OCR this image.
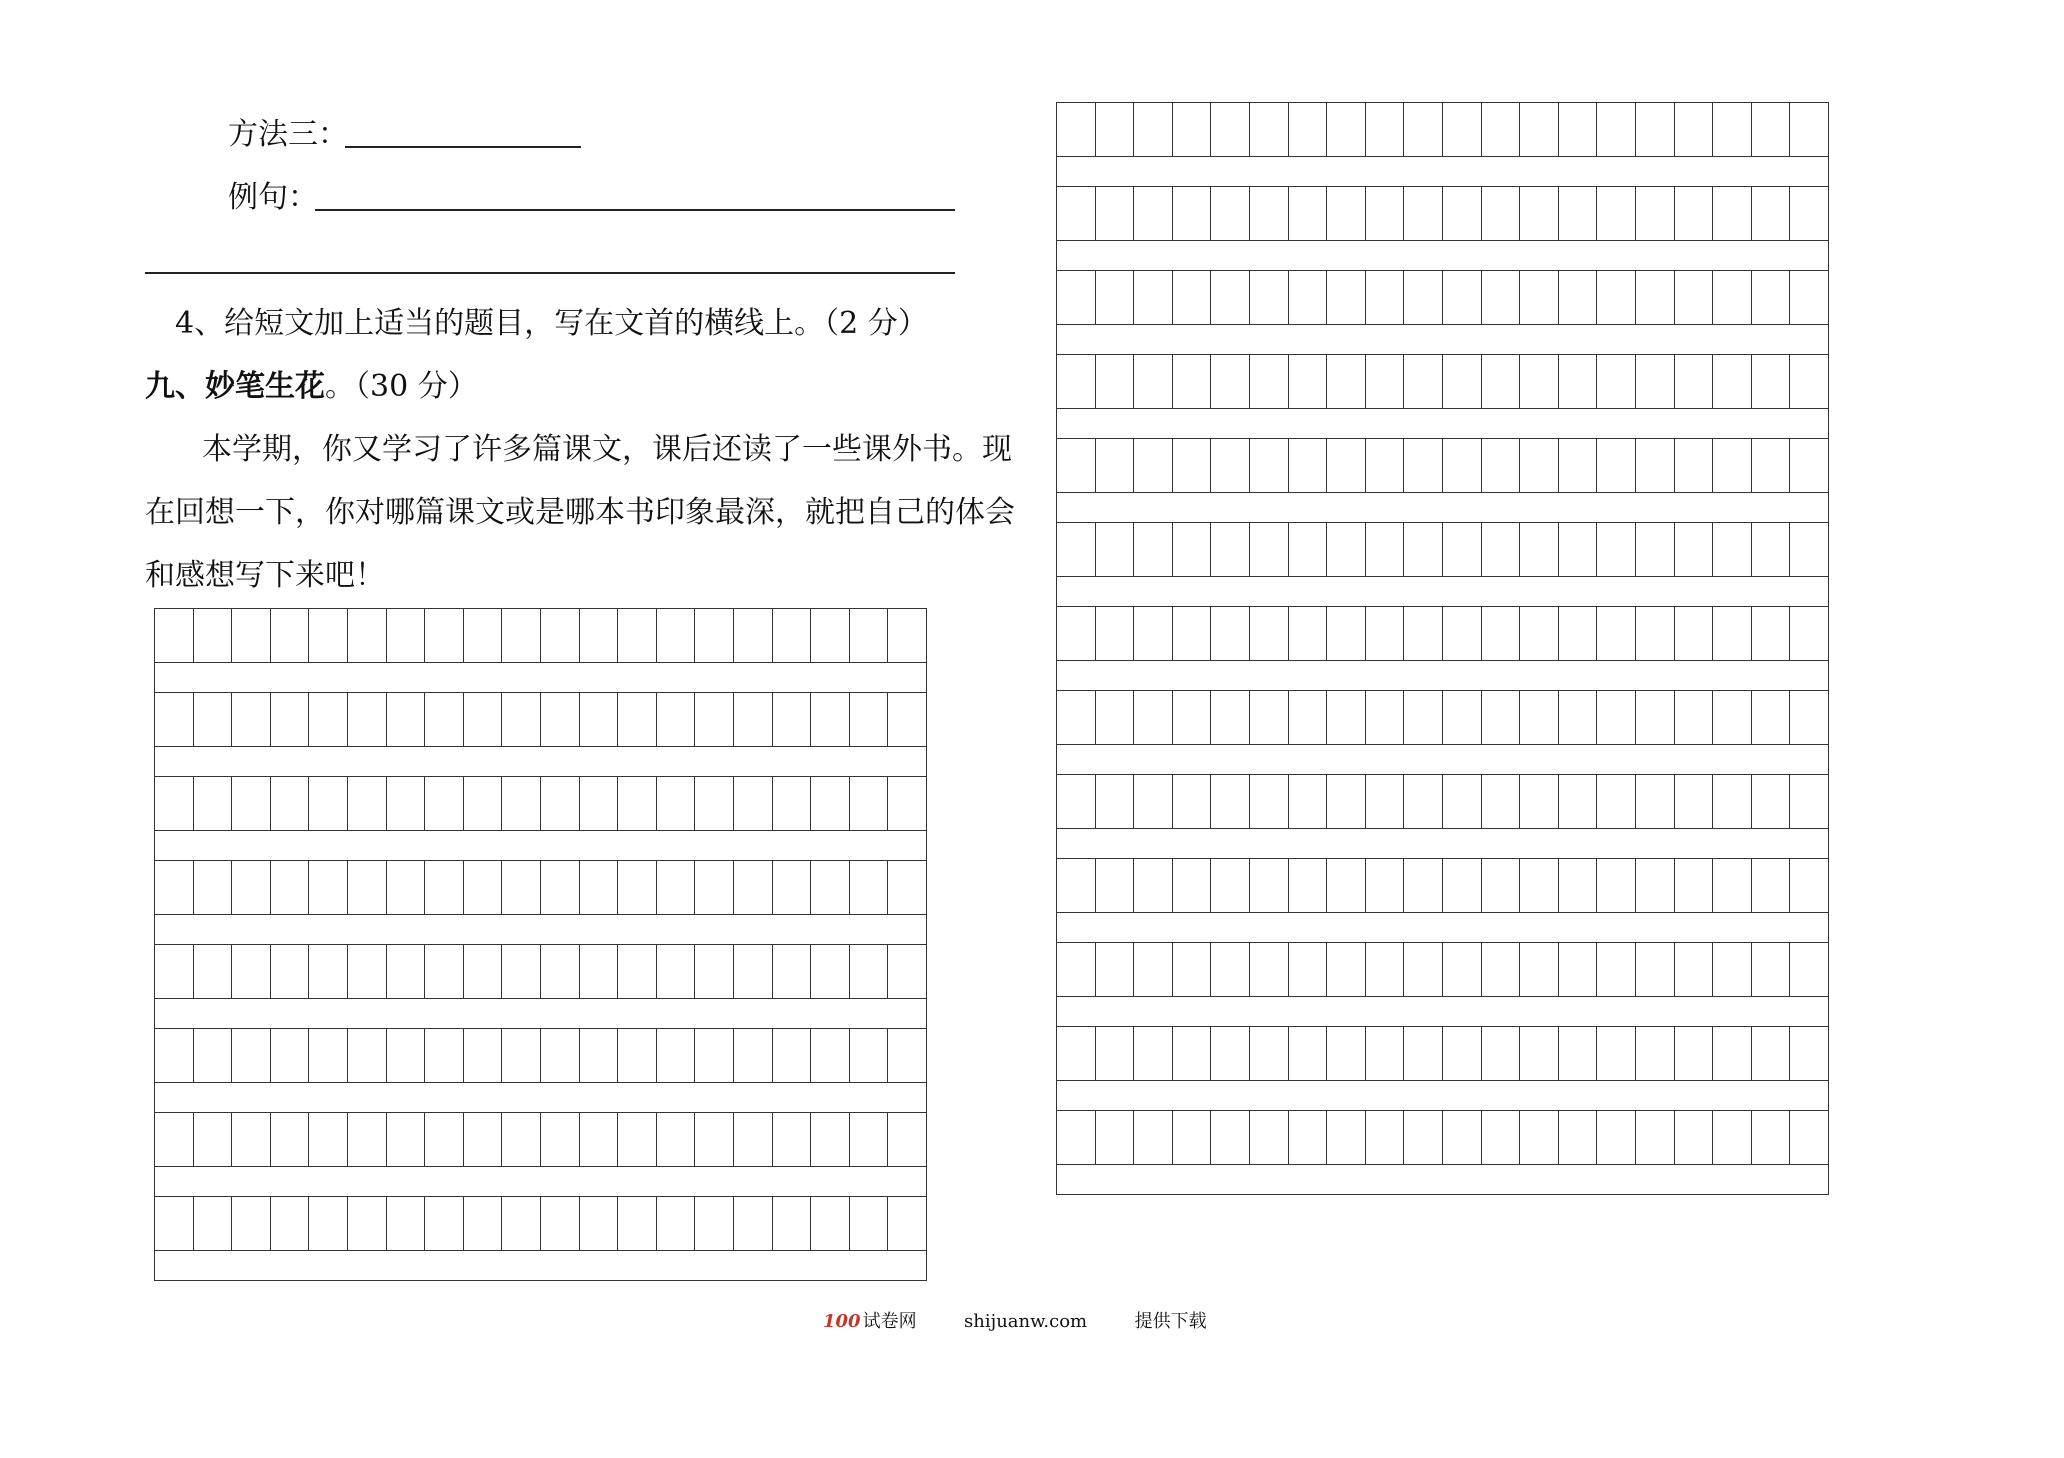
方法三：
例句：
4、给短文加上适当的题目，写在文首的横线上。（2 分）
九、妙笔生花。（30 分）
本学期，你又学习了许多篇课文，课后还读了一些课外书。现
在回想一下，你对哪篇课文或是哪本书印象最深，就把自己的体会
和感想写下来吧！
100 试卷网	shijuanw.com	提供下载
